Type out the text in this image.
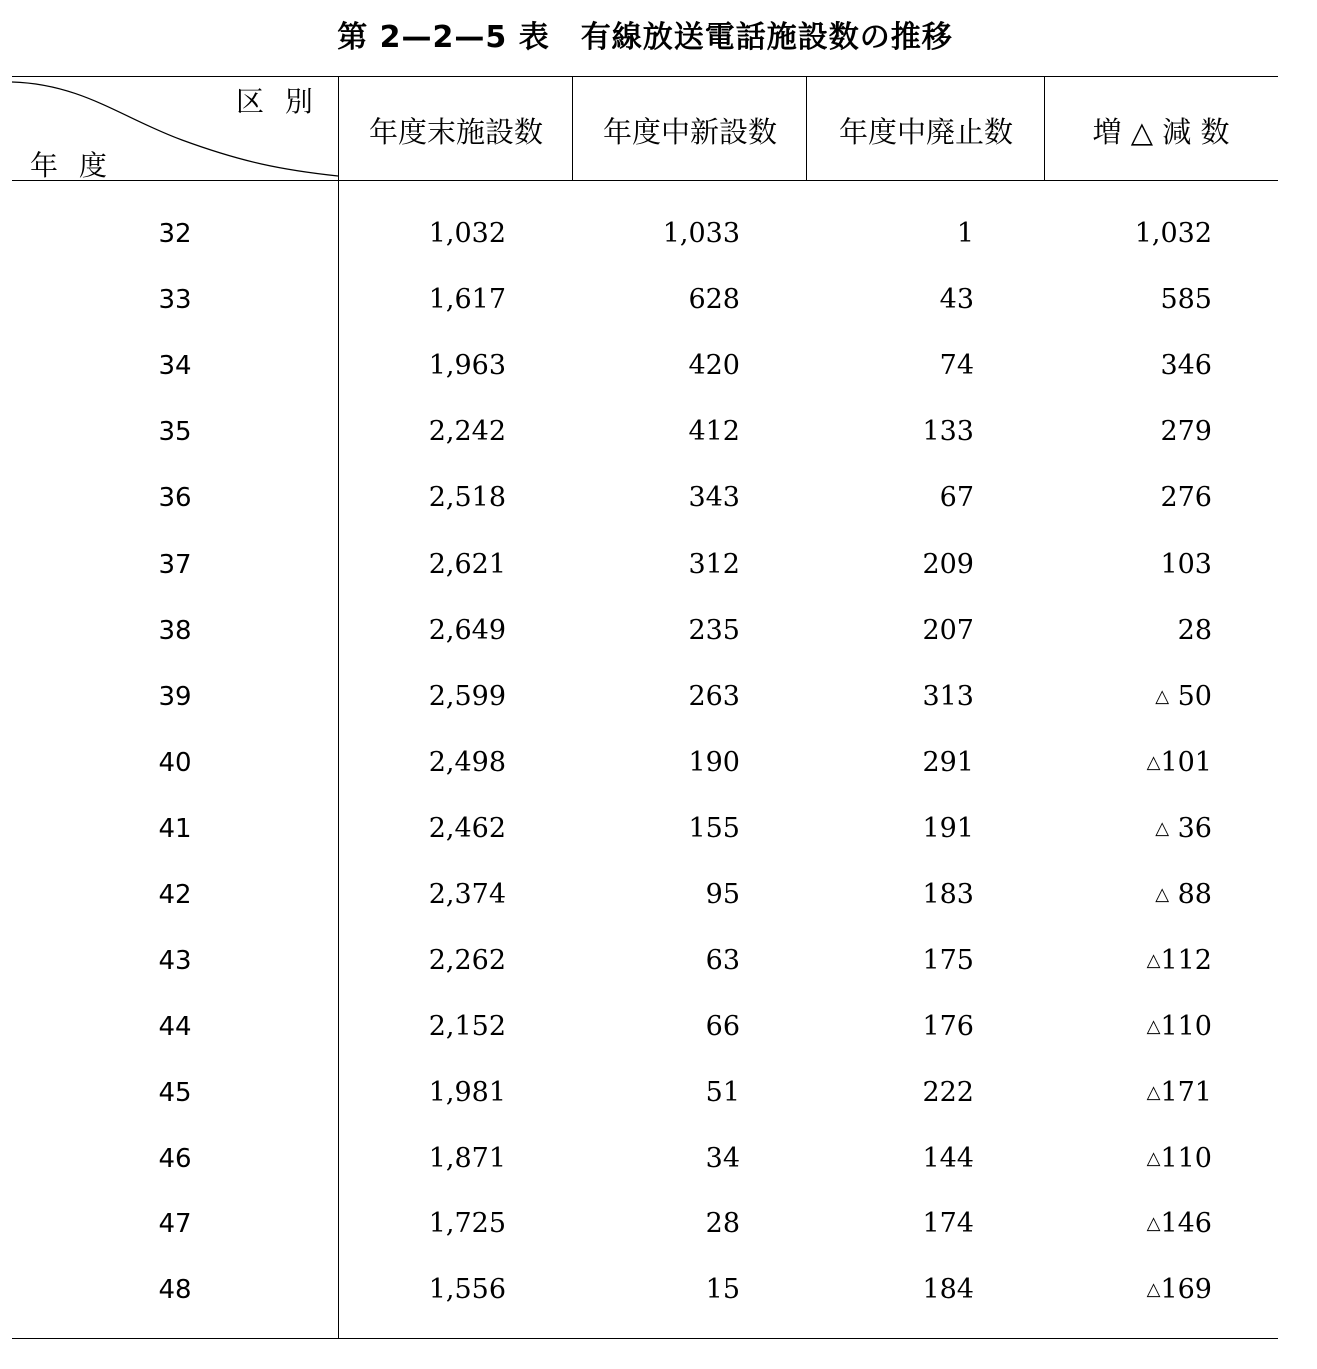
第 2—2—5 表　有線放送電話施設数の推移
区 別
年 度
年度末施設数	年度中新設数	年度中廃止数	増 △ 減 数
32	1,032	1,033	1	1,032
33	1,617	628	43	585
34	1,963	420	74	346
35	2,242	412	133	279
36	2,518	343	67	276
37	2,621	312	209	103
38	2,649	235	207	28
39	2,599	263	313	△ 50
40	2,498	190	291	△101
41	2,462	155	191	△ 36
42	2,374	95	183	△ 88
43	2,262	63	175	△112
44	2,152	66	176	△110
45	1,981	51	222	△171
46	1,871	34	144	△110
47	1,725	28	174	△146
48	1,556	15	184	△169
